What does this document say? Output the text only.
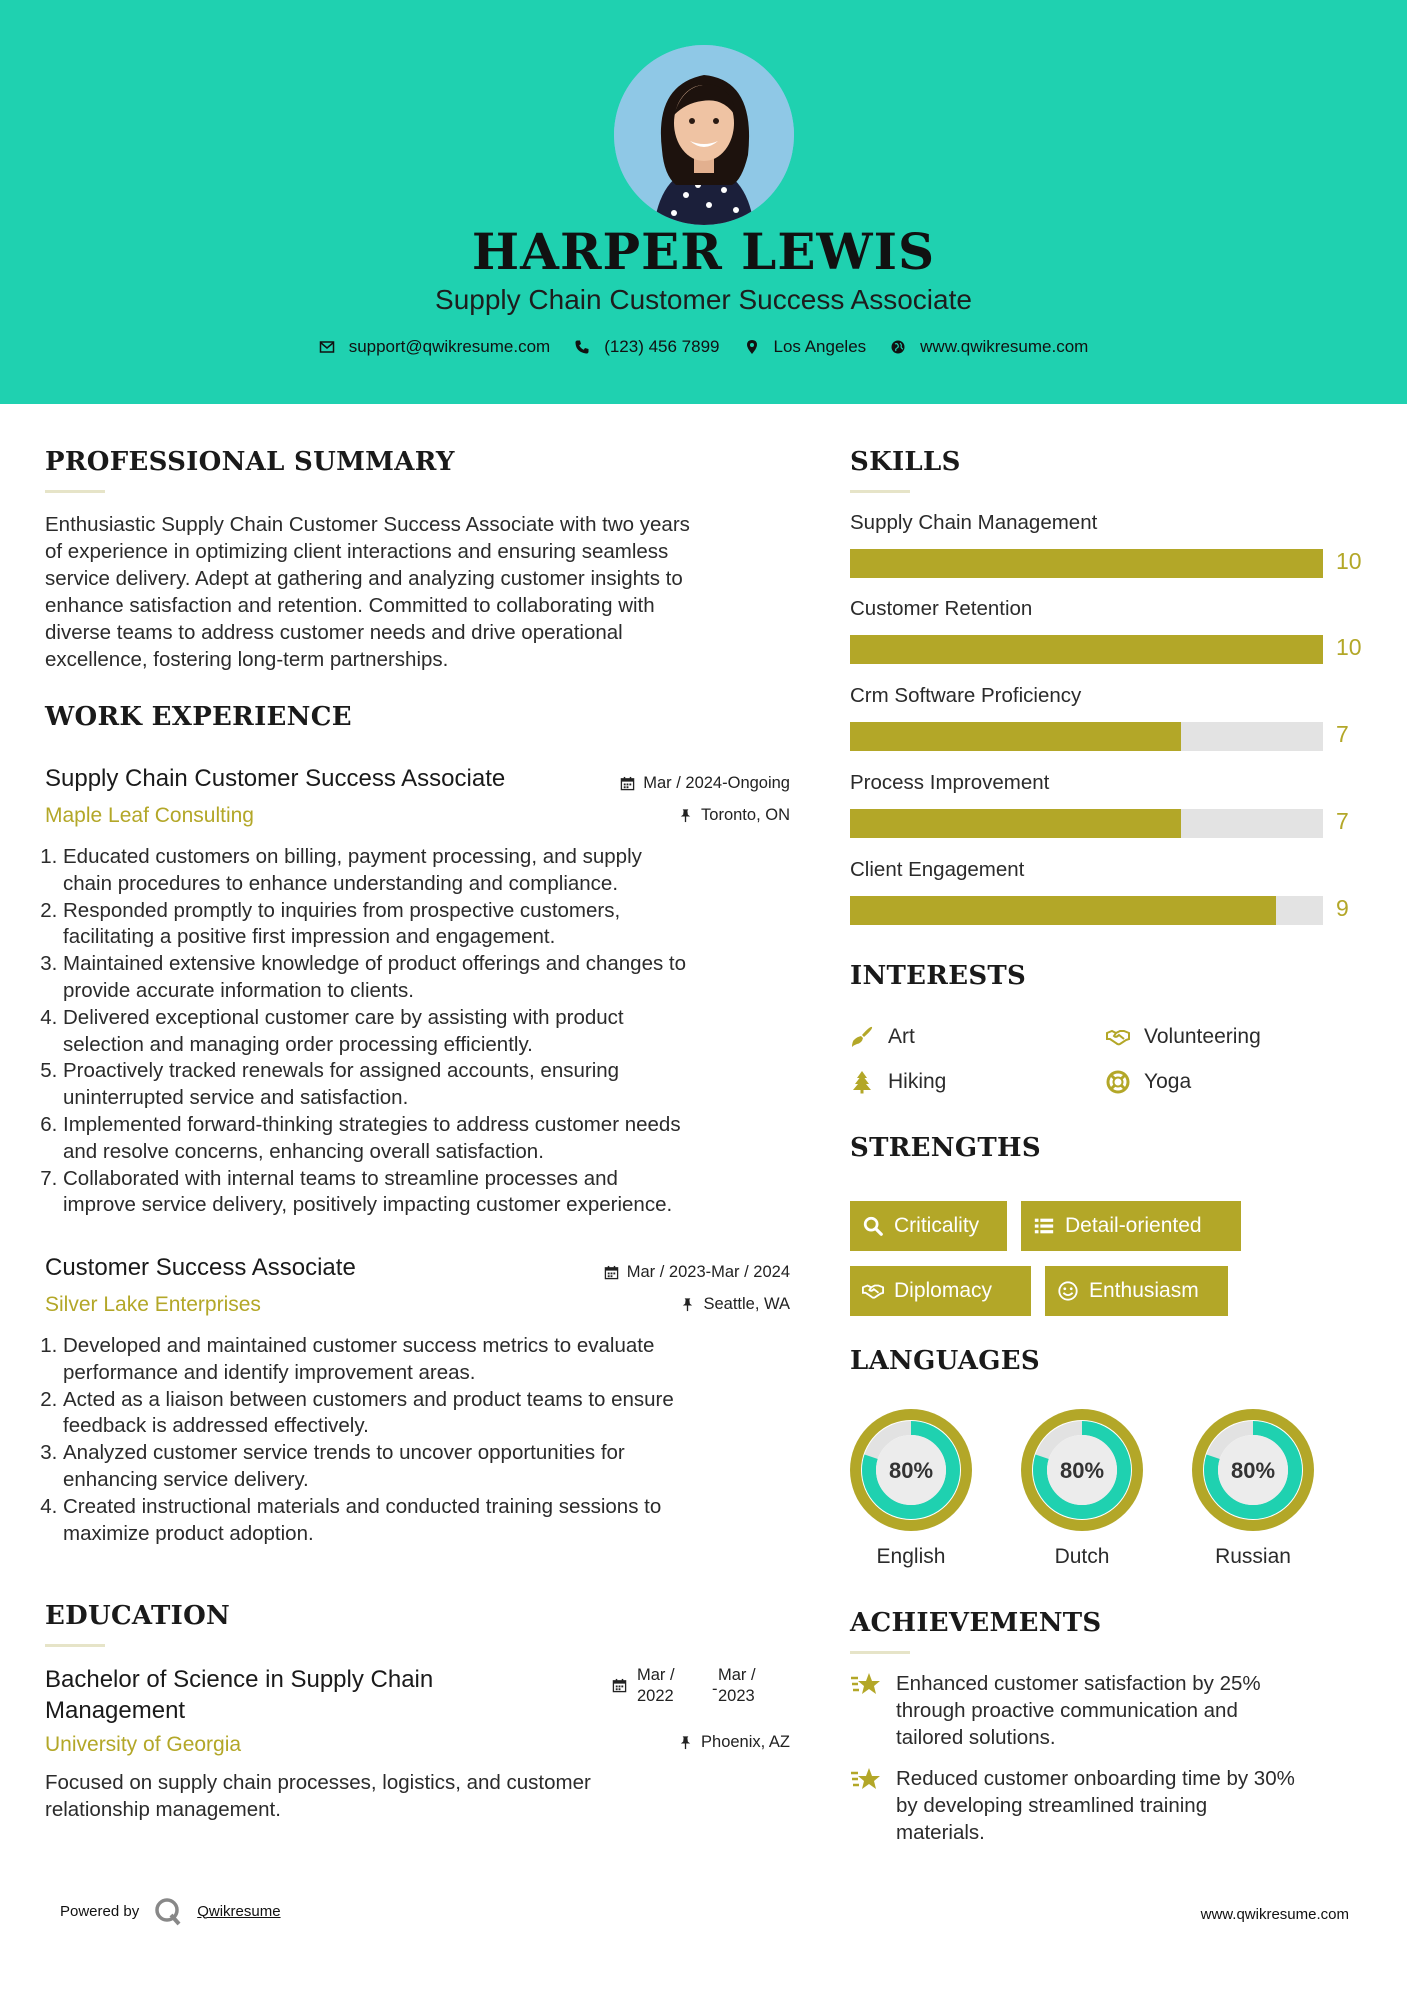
HARPER LEWIS
Supply Chain Customer Success Associate
support@qwikresume.com	(123) 456 7899	Los Angeles	www.qwikresume.com
PROFESSIONAL SUMMARY
Enthusiastic Supply Chain Customer Success Associate with two years
of experience in optimizing client interactions and ensuring seamless
service delivery. Adept at gathering and analyzing customer insights to
enhance satisfaction and retention. Committed to collaborating with
diverse teams to address customer needs and drive operational
excellence, fostering long-term partnerships.
WORK EXPERIENCE
Supply Chain Customer Success Associate
Maple Leaf Consulting
Mar / 2024-Ongoing
Toronto, ON
1. Educated customers on billing, payment processing, and supply
chain procedures to enhance understanding and compliance.
2. Responded promptly to inquiries from prospective customers,
facilitating a positive first impression and engagement.
3. Maintained extensive knowledge of product offerings and changes to
provide accurate information to clients.
4. Delivered exceptional customer care by assisting with product
selection and managing order processing efficiently.
5. Proactively tracked renewals for assigned accounts, ensuring
uninterrupted service and satisfaction.
6. Implemented forward-thinking strategies to address customer needs
and resolve concerns, enhancing overall satisfaction.
7. Collaborated with internal teams to streamline processes and
improve service delivery, positively impacting customer experience.
Customer Success Associate
Silver Lake Enterprises
Mar / 2023-Mar / 2024
Seattle, WA
1. Developed and maintained customer success metrics to evaluate
performance and identify improvement areas.
2. Acted as a liaison between customers and product teams to ensure
feedback is addressed effectively.
3. Analyzed customer service trends to uncover opportunities for
enhancing service delivery.
4. Created instructional materials and conducted training sessions to
maximize product adoption.
EDUCATION
Bachelor of Science in Supply Chain
Management
University of Georgia
Mar /
2022 -
Mar /
2023
Phoenix, AZ
Focused on supply chain processes, logistics, and customer
relationship management.
SKILLS
Supply Chain Management
10
Customer Retention
10
Crm Software Proficiency
7
Process Improvement
7
Client Engagement
9
INTERESTS
Art	Volunteering
Hiking	Yoga
STRENGTHS
Criticality	Detail-oriented
Diplomacy	Enthusiasm
LANGUAGES
80%
English
80%
Dutch
80%
Russian
ACHIEVEMENTS
Enhanced customer satisfaction by 25%
through proactive communication and
tailored solutions.
Reduced customer onboarding time by 30%
by developing streamlined training
materials.
Powered by	Qwikresume	www.qwikresume.com
